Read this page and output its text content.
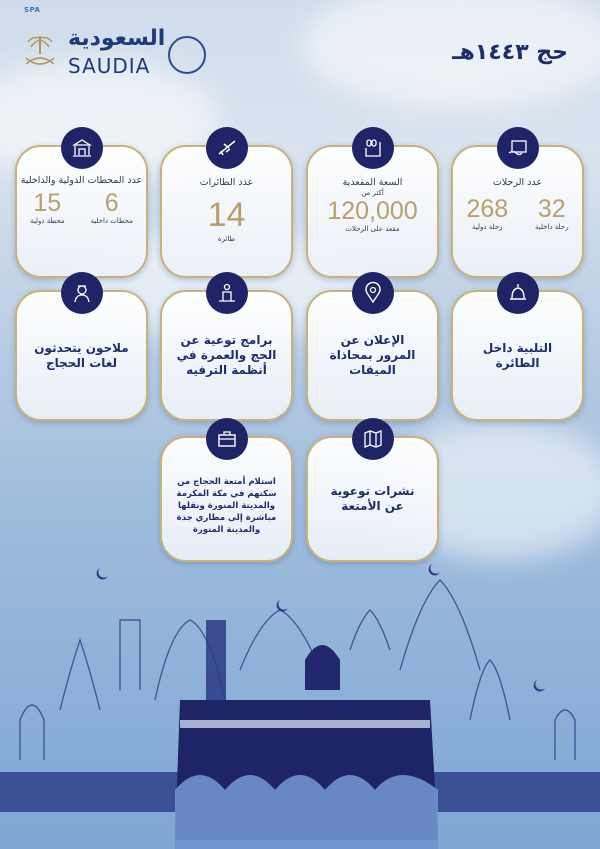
SPA
السعودية
SAUDIA
حج ١٤٤٣هـ
عدد الرحلات
32
رحلة داخلية
268
رحلة دولية
السعة المقعدية
أكثر من
120,000
مقعد على الرحلات
عدد الطائرات
14
طائرة
عدد المحطات الدولية والداخلية
6
محطات داخلية
15
محطة دولية
التلبية داخل الطائرة
الإعلان عن المرور بمحاذاة الميقات
برامج توعية عن الحج والعمرة في أنظمة الترفيه
ملاحون يتحدثون لغات الحجاج
نشرات توعوية عن الأمتعة
استلام أمتعة الحجاج من سكنهم في مكة المكرمة والمدينة المنورة ونقلها مباشرة إلى مطاري جدة والمدينة المنورة
